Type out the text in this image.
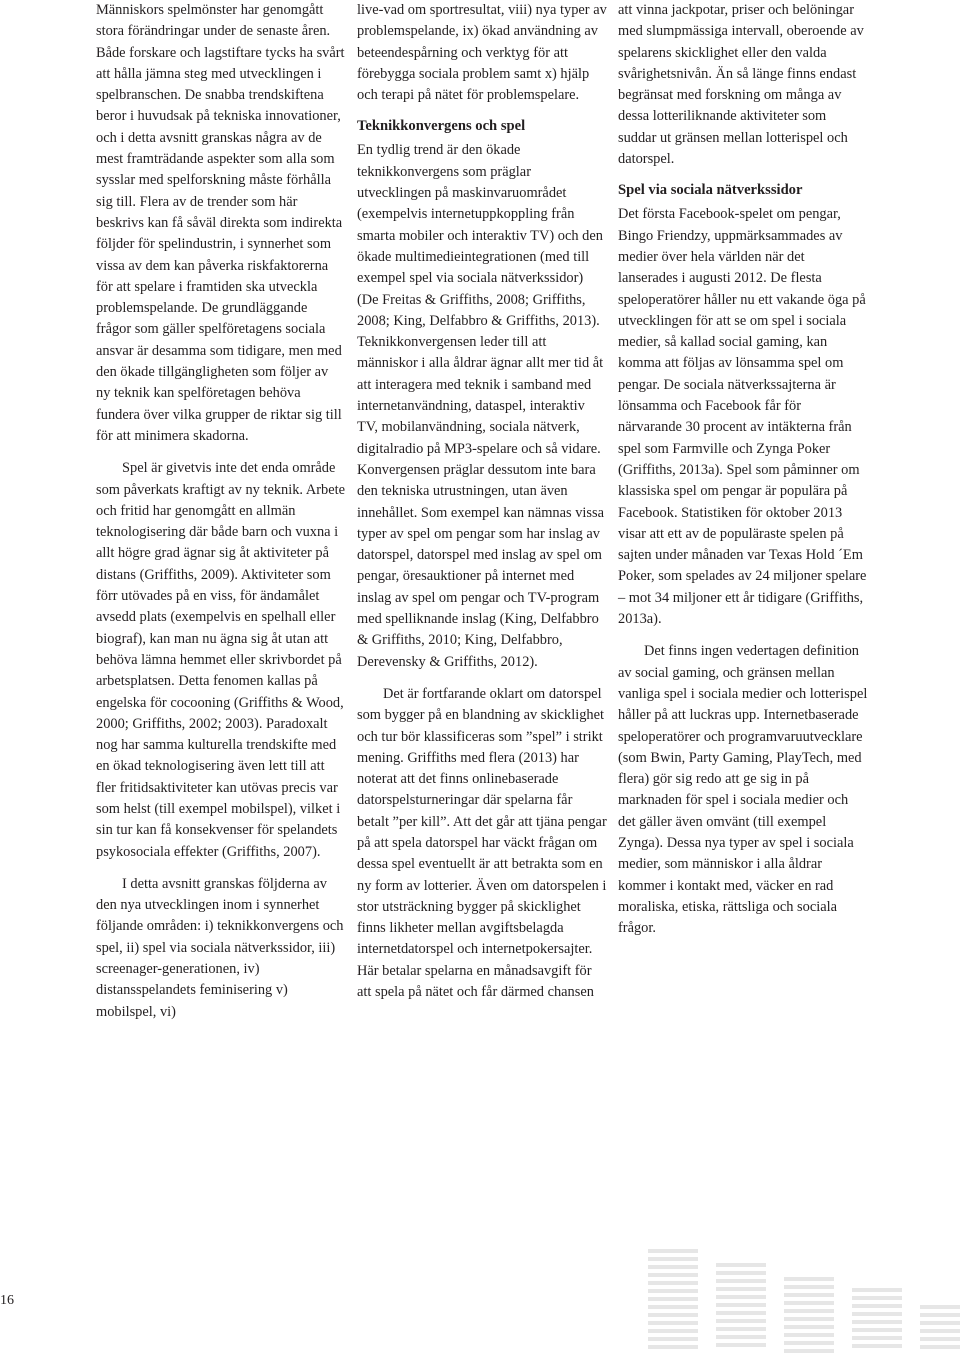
Människors spelmönster har genomgått stora förändringar under de senaste åren. Både forskare och lagstiftare tycks ha svårt att hålla jämna steg med utvecklingen i spelbranschen. De snabba trendskiftena beror i huvudsak på tekniska innovationer, och i detta avsnitt granskas några av de mest framträdande aspekter som alla som sysslar med spelforskning måste förhålla sig till. Flera av de trender som här beskrivs kan få såväl direkta som indirekta följder för spelindustrin, i synnerhet som vissa av dem kan påverka riskfaktorerna för att spelare i framtiden ska utveckla problemspelande. De grundläggande frågor som gäller spelföretagens sociala ansvar är desamma som tidigare, men med den ökade tillgängligheten som följer av ny teknik kan spelföretagen behöva fundera över vilka grupper de riktar sig till för att minimera skadorna.

Spel är givetvis inte det enda område som påverkats kraftigt av ny teknik. Arbete och fritid har genomgått en allmän teknologisering där både barn och vuxna i allt högre grad ägnar sig åt aktiviteter på distans (Griffiths, 2009). Aktiviteter som förr utövades på en viss, för ändamålet avsedd plats (exempelvis en spelhall eller biograf), kan man nu ägna sig åt utan att behöva lämna hemmet eller skrivbordet på arbetsplatsen. Detta fenomen kallas på engelska för cocooning (Griffiths & Wood, 2000; Griffiths, 2002; 2003). Paradoxalt nog har samma kulturella trendskifte med en ökad teknologisering även lett till att fler fritidsaktiviteter kan utövas precis var som helst (till exempel mobilspel), vilket i sin tur kan få konsekvenser för spelandets psykosociala effekter (Griffiths, 2007).

I detta avsnitt granskas följderna av den nya utvecklingen inom i synnerhet följande områden: i) teknikkonvergens och spel, ii) spel via sociala nätverkssidor, iii) screenager-generationen, iv) distansspelandets feminisering v) mobilspel, vi)

live-vad om sportresultat, viii) nya typer av problemspelande, ix) ökad användning av beteendespårning och verktyg för att förebygga sociala problem samt x) hjälp och terapi på nätet för problemspelare.

Teknikkonvergens och spel

En tydlig trend är den ökade teknikkonvergens som präglar utvecklingen på maskinvaruområdet (exempelvis internetuppkoppling från smarta mobiler och interaktiv TV) och den ökade multimedieintegrationen (med till exempel spel via sociala nätverkssidor) (De Freitas & Griffiths, 2008; Griffiths, 2008; King, Delfabbro & Griffiths, 2013). Teknikkonvergensen leder till att människor i alla åldrar ägnar allt mer tid åt att interagera med teknik i samband med internetanvändning, dataspel, interaktiv TV, mobilanvändning, sociala nätverk, digitalradio på MP3-spelare och så vidare. Konvergensen präglar dessutom inte bara den tekniska utrustningen, utan även innehållet. Som exempel kan nämnas vissa typer av spel om pengar som har inslag av datorspel, datorspel med inslag av spel om pengar, öresauktioner på internet med inslag av spel om pengar och TV-program med spelliknande inslag (King, Delfabbro & Griffiths, 2010; King, Delfabbro, Derevensky & Griffiths, 2012).

Det är fortfarande oklart om datorspel som bygger på en blandning av skicklighet och tur bör klassificeras som ”spel” i strikt mening. Griffiths med flera (2013) har noterat att det finns onlinebaserade datorspelsturneringar där spelarna får betalt ”per kill”. Att det går att tjäna pengar på att spela datorspel har väckt frågan om dessa spel eventuellt är att betrakta som en ny form av lotterier. Även om datorspelen i stor utsträckning bygger på skicklighet finns likheter mellan avgiftsbelagda internetdatorspel och internetpokersajter. Här betalar spelarna en månadsavgift för att spela på nätet och får därmed chansen

att vinna jackpotar, priser och belöningar med slumpmässiga intervall, oberoende av spelarens skicklighet eller den valda svårighetsnivån. Än så länge finns endast begränsat med forskning om många av dessa lotteriliknande aktiviteter som suddar ut gränsen mellan lotterispel och datorspel.

Spel via sociala nätverkssidor

Det första Facebook-spelet om pengar, Bingo Friendzy, uppmärksammades av medier över hela världen när det lanserades i augusti 2012. De flesta speloperatörer håller nu ett vakande öga på utvecklingen för att se om spel i sociala medier, så kallad social gaming, kan komma att följas av lönsamma spel om pengar. De sociala nätverkssajterna är lönsamma och Facebook får för närvarande 30 procent av intäkterna från spel som Farmville och Zynga Poker (Griffiths, 2013a). Spel som påminner om klassiska spel om pengar är populära på Facebook. Statistiken för oktober 2013 visar att ett av de populäraste spelen på sajten under månaden var Texas Hold ´Em Poker, som spelades av 24 miljoner spelare – mot 34 miljoner ett år tidigare (Griffiths, 2013a).

Det finns ingen vedertagen definition av social gaming, och gränsen mellan vanliga spel i sociala medier och lotterispel håller på att luckras upp. Internetbaserade speloperatörer och programvaruutvecklare (som Bwin, Party Gaming, PlayTech, med flera) gör sig redo att ge sig in på marknaden för spel i sociala medier och det gäller även omvänt (till exempel Zynga). Dessa nya typer av spel i sociala medier, som människor i alla åldrar kommer i kontakt med, väcker en rad moraliska, etiska, rättsliga och sociala frågor.

16
